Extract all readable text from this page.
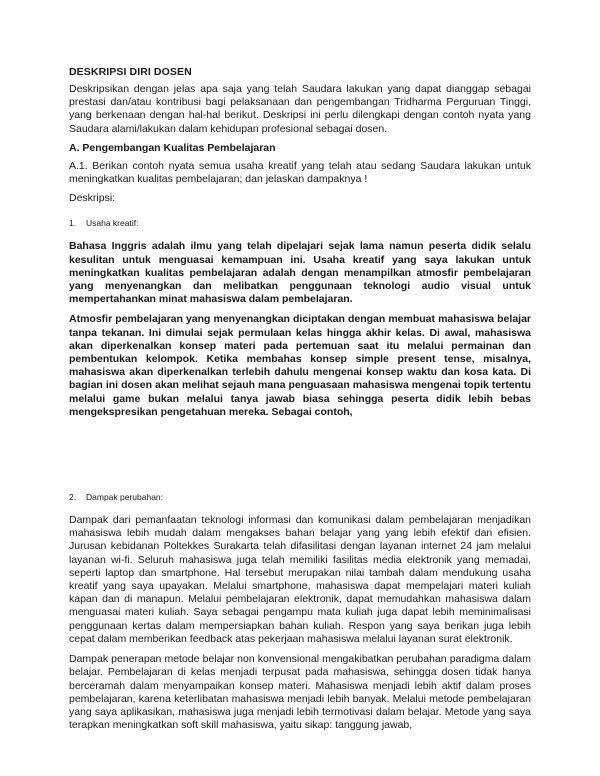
DESKRIPSI DIRI DOSEN

Deskripsikan dengan jelas apa saja yang telah Saudara lakukan yang dapat dianggap sebagai prestasi dan/atau kontribusi bagi pelaksanaan dan pengembangan Tridharma Perguruan Tinggi, yang berkenaan dengan hal-hal berikut. Deskripsi ini perlu dilengkapi dengan contoh nyata yang Saudara alami/lakukan dalam kehidupan profesional sebagai dosen.

A. Pengembangan Kualitas Pembelajaran

A.1. Berikan contoh nyata semua usaha kreatif yang telah atau sedang Saudara lakukan untuk meningkatkan kualitas pembelajaran; dan jelaskan dampaknya !

Deskripsi:

1.	Usaha kreatif:

Bahasa Inggris adalah ilmu yang telah dipelajari sejak lama namun peserta didik selalu kesulitan untuk menguasai kemampuan ini. Usaha kreatif yang saya lakukan untuk meningkatkan kualitas pembelajaran adalah dengan menampilkan atmosfir pembelajaran yang menyenangkan dan melibatkan penggunaan teknologi audio visual untuk mempertahankan minat mahasiswa dalam pembelajaran.

Atmosfir pembelajaran yang menyenangkan diciptakan dengan membuat mahasiswa belajar tanpa tekanan. Ini dimulai sejak permulaan kelas hingga akhir kelas. Di awal, mahasiswa akan diperkenalkan konsep materi pada pertemuan saat itu melalui permainan dan pembentukan kelompok. Ketika membahas konsep simple present tense, misalnya, mahasiswa akan diperkenalkan terlebih dahulu mengenai konsep waktu dan kosa kata. Di bagian ini dosen akan melihat sejauh mana penguasaan mahasiswa mengenai topik tertentu melalui game bukan melalui tanya jawab biasa sehingga peserta didik lebih bebas mengekspresikan pengetahuan mereka. Sebagai contoh,

2.	Dampak perubahan:

Dampak dari pemanfaatan teknologi informasi dan komunikasi dalam pembelajaran menjadikan mahasiswa lebih mudah dalam mengakses bahan belajar yang yang lebih efektif dan efisien. Jurusan kebidanan Poltekkes Surakarta telah difasilitasi dengan layanan internet 24 jam melalui layanan wi-fi. Seluruh mahasiswa juga telah memiliki fasilitas media elektronik yang memadai, seperti laptop dan smartphone. Hal tersebut merupakan nilai tambah dalam mendukung usaha kreatif yang saya upayakan. Melalui smartphone, mahasiswa dapat mempelajari materi kuliah kapan dan di manapun. Melalui pembelajaran elektronik, dapat memudahkan mahasiswa dalam menguasai materi kuliah. Saya sebagai pengampu mata kuliah juga dapat lebih meminimalisasi penggunaan kertas dalam mempersiapkan bahan kuliah. Respon yang saya berikan juga lebih cepat dalam memberikan feedback atas pekerjaan mahasiswa melalui layanan surat elektronik.

Dampak penerapan metode belajar non konvensional mengakibatkan perubahan paradigma dalam belajar. Pembelajaran di kelas menjadi terpusat pada mahasiswa, sehingga dosen tidak hanya berceramah dalam menyampaikan konsep materi. Mahasiswa menjadi lebih aktif dalam proses pembelajaran, karena keterlibatan mahasiswa menjadi lebih banyak. Melalui metode pembelajaran yang saya aplikasikan, mahasiswa juga menjadi lebih termotivasi dalam belajar. Metode yang saya terapkan meningkatkan soft skill mahasiswa, yaitu sikap: tanggung jawab,
